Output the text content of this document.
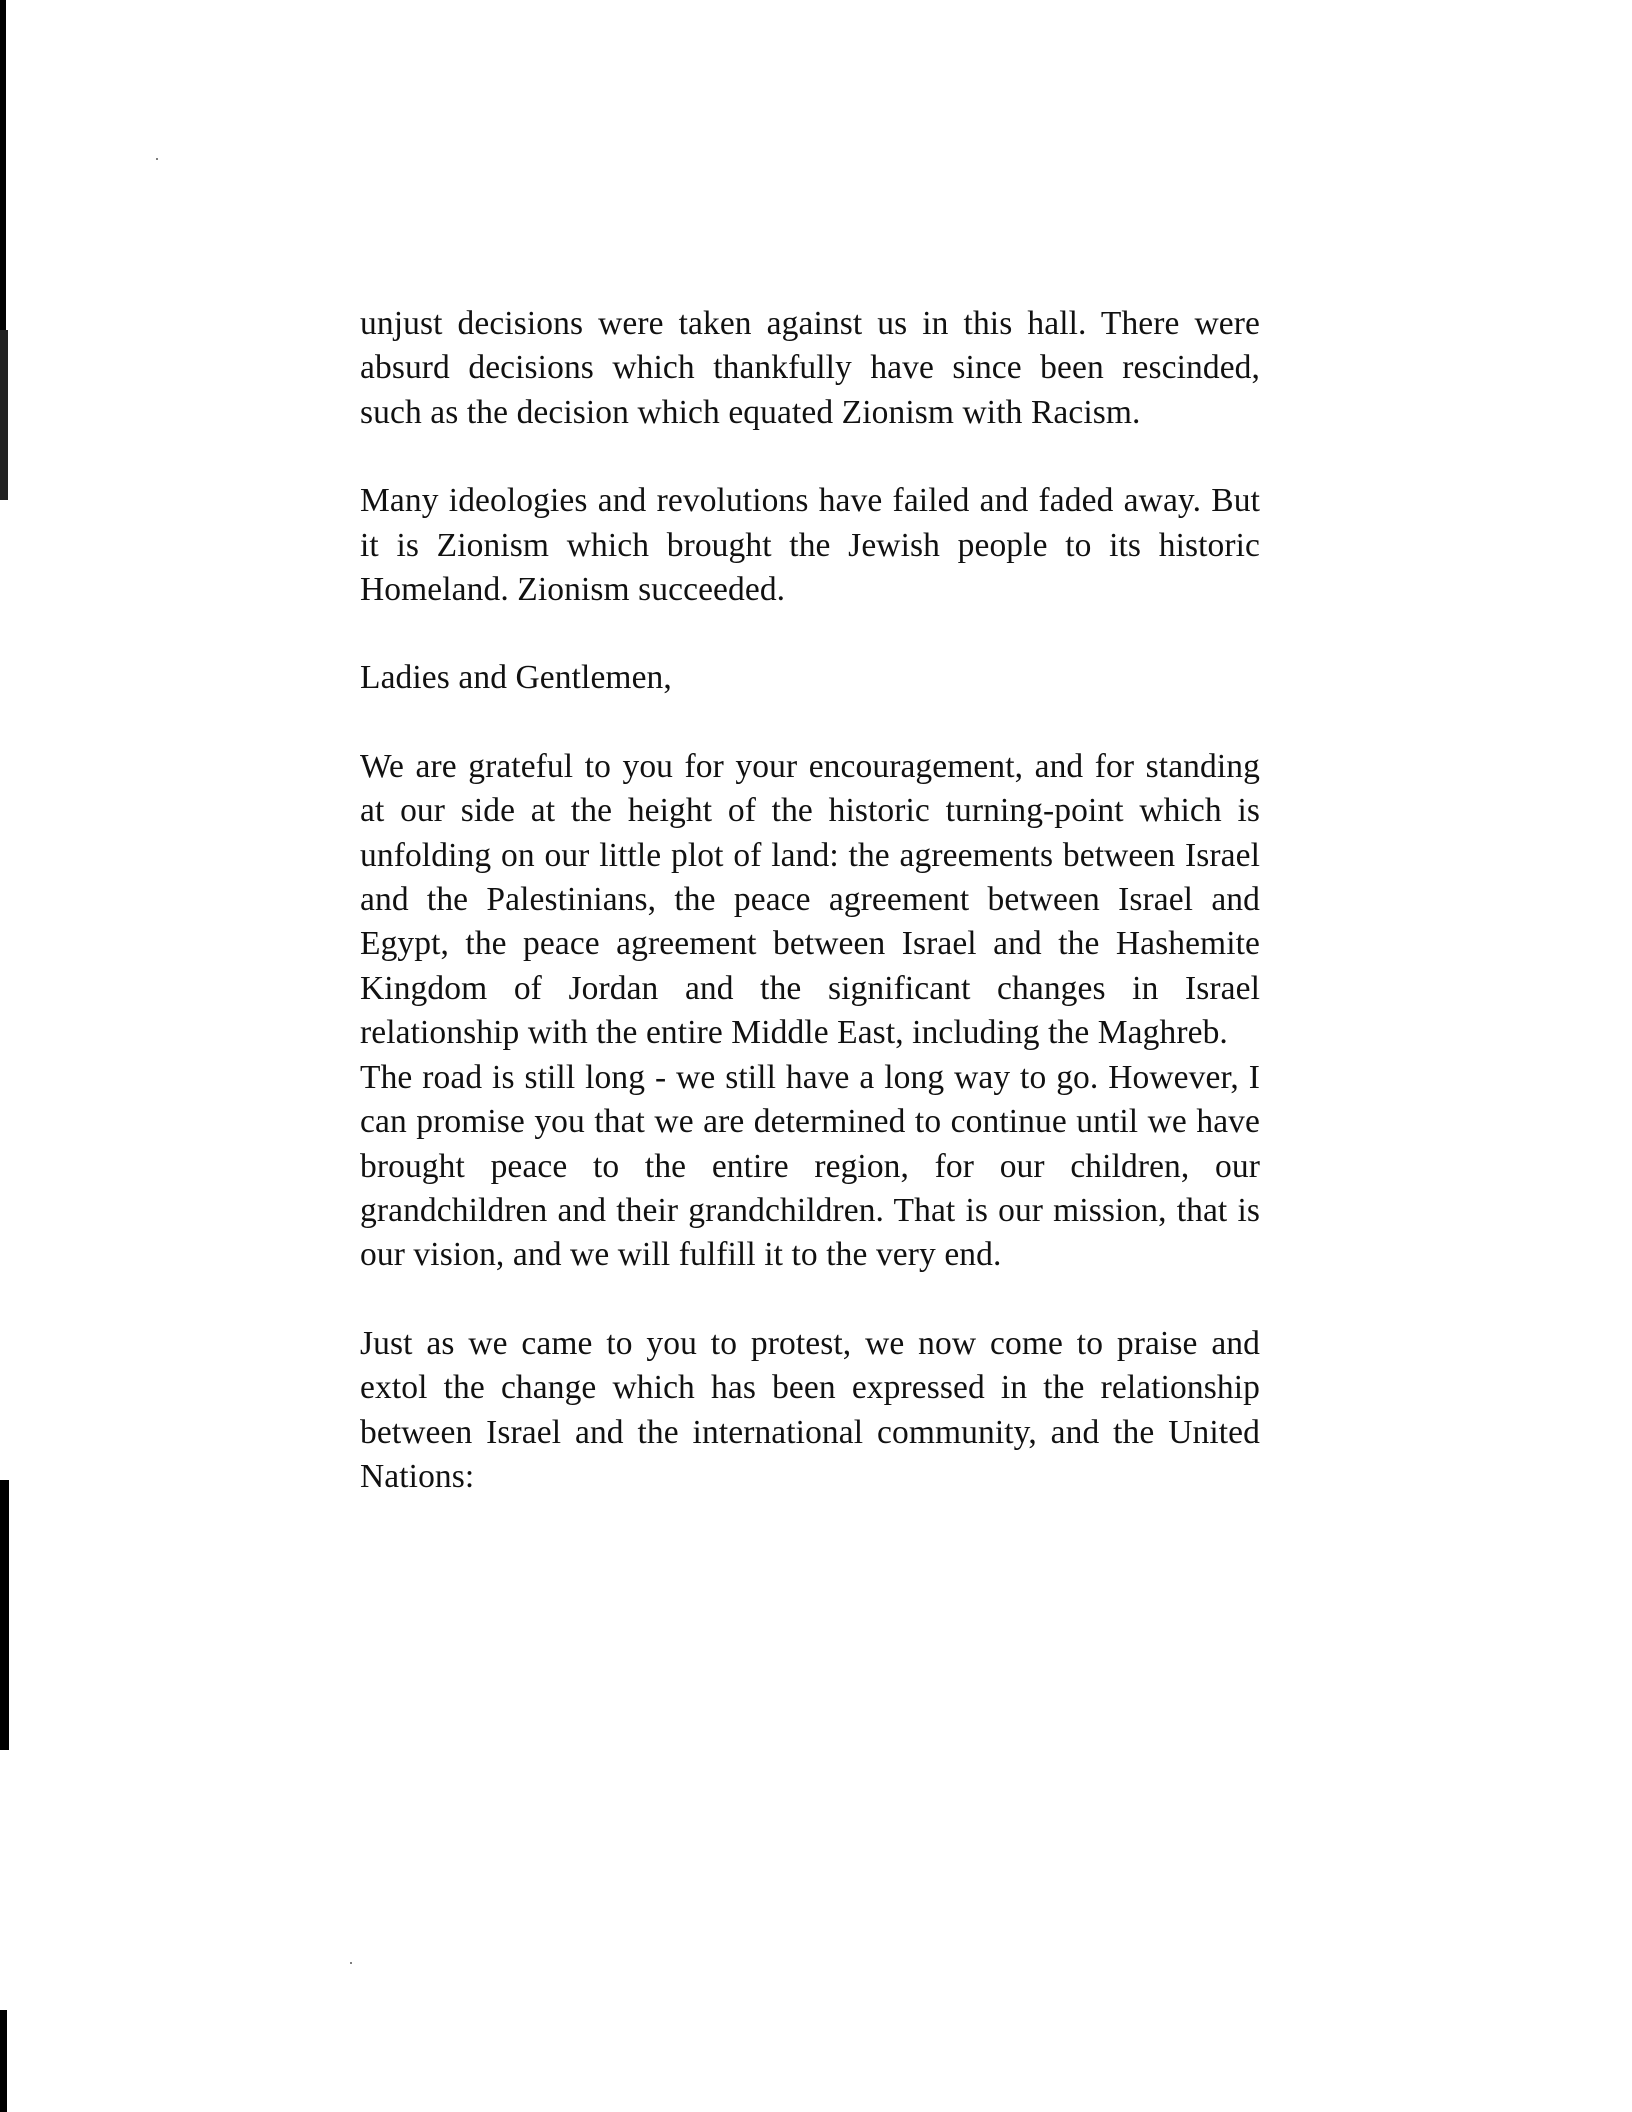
unjust decisions were taken against us in this hall. There were absurd decisions which thankfully have since been rescinded, such as the decision which equated Zionism with Racism.

Many ideologies and revolutions have failed and faded away. But it is Zionism which brought the Jewish people to its historic Homeland. Zionism succeeded.

Ladies and Gentlemen,

We are grateful to you for your encouragement, and for standing at our side at the height of the historic turning-point which is unfolding on our little plot of land: the agreements between Israel and the Palestinians, the peace agreement between Israel and Egypt, the peace agreement between Israel and the Hashemite Kingdom of Jordan and the significant changes in Israel relationship with the entire Middle East, including the Maghreb.

The road is still long - we still have a long way to go. However, I can promise you that we are determined to continue until we have brought peace to the entire region, for our children, our grandchildren and their grandchildren. That is our mission, that is our vision, and we will fulfill it to the very end.

Just as we came to you to protest, we now come to praise and extol the change which has been expressed in the relationship between Israel and the international community, and the United Nations:
